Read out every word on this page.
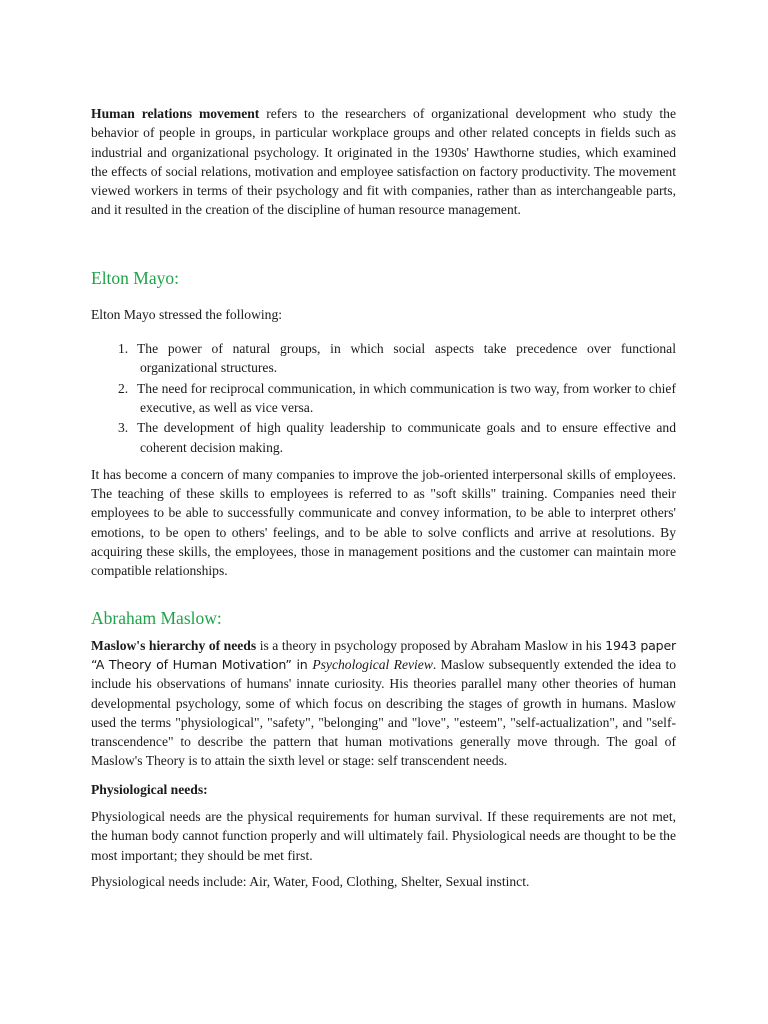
Human relations movement refers to the researchers of organizational development who study the behavior of people in groups, in particular workplace groups and other related concepts in fields such as industrial and organizational psychology. It originated in the 1930s' Hawthorne studies, which examined the effects of social relations, motivation and employee satisfaction on factory productivity. The movement viewed workers in terms of their psychology and fit with companies, rather than as interchangeable parts, and it resulted in the creation of the discipline of human resource management.

Elton Mayo:

Elton Mayo stressed the following:

1. The power of natural groups, in which social aspects take precedence over functional organizational structures.
2. The need for reciprocal communication, in which communication is two way, from worker to chief executive, as well as vice versa.
3. The development of high quality leadership to communicate goals and to ensure effective and coherent decision making.

It has become a concern of many companies to improve the job-oriented interpersonal skills of employees. The teaching of these skills to employees is referred to as "soft skills" training. Companies need their employees to be able to successfully communicate and convey information, to be able to interpret others' emotions, to be open to others' feelings, and to be able to solve conflicts and arrive at resolutions. By acquiring these skills, the employees, those in management positions and the customer can maintain more compatible relationships.

Abraham Maslow:

Maslow's hierarchy of needs is a theory in psychology proposed by Abraham Maslow in his 1943 paper “A Theory of Human Motivation” in Psychological Review. Maslow subsequently extended the idea to include his observations of humans' innate curiosity. His theories parallel many other theories of human developmental psychology, some of which focus on describing the stages of growth in humans. Maslow used the terms "physiological", "safety", "belonging" and "love", "esteem", "self-actualization", and "self-transcendence" to describe the pattern that human motivations generally move through. The goal of Maslow's Theory is to attain the sixth level or stage: self transcendent needs.

Physiological needs:

Physiological needs are the physical requirements for human survival. If these requirements are not met, the human body cannot function properly and will ultimately fail. Physiological needs are thought to be the most important; they should be met first.

Physiological needs include: Air, Water, Food, Clothing, Shelter, Sexual instinct.
